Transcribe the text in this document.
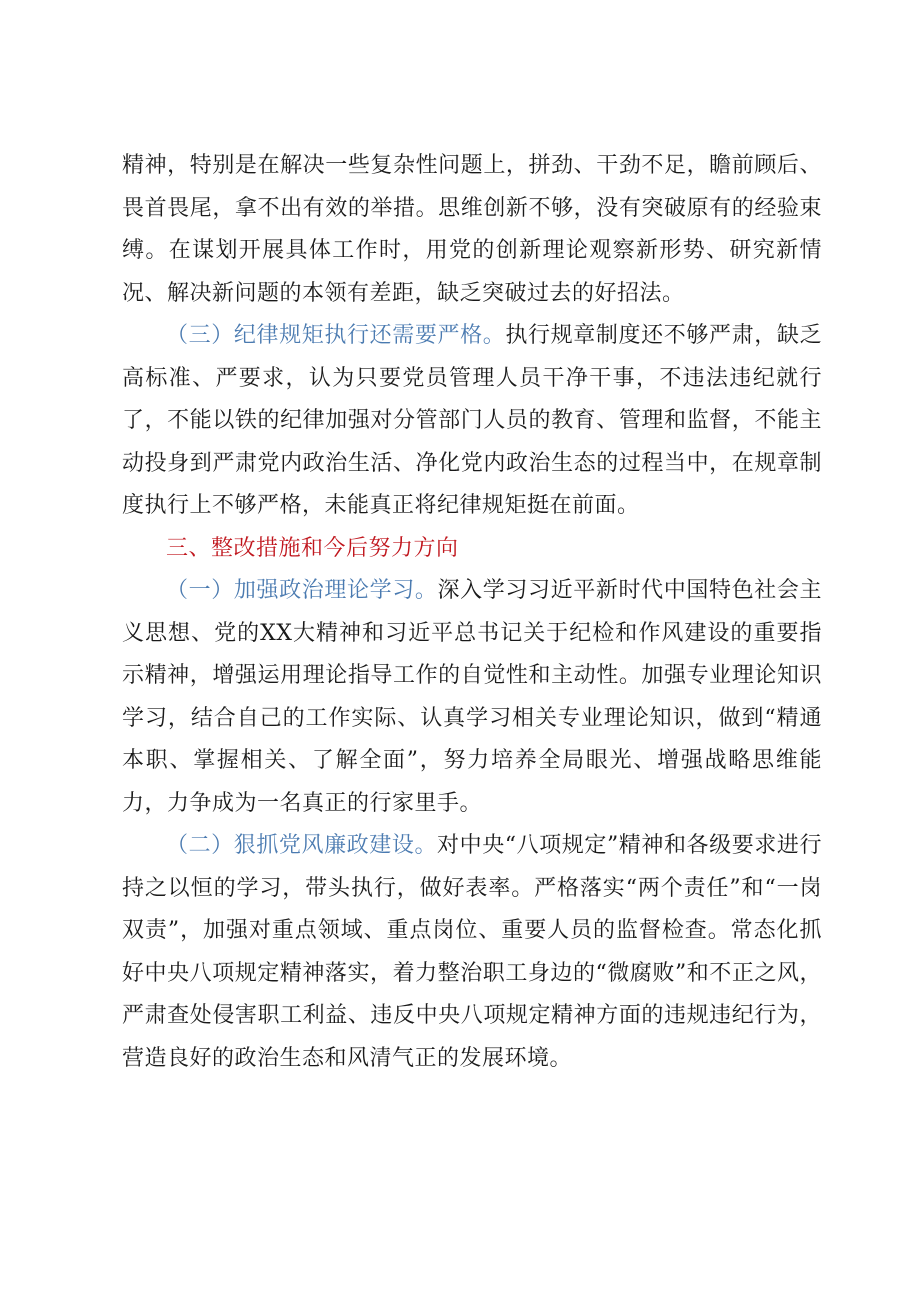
精神，特别是在解决一些复杂性问题上，拼劲、干劲不足，瞻前顾后、畏首畏尾，拿不出有效的举措。思维创新不够，没有突破原有的经验束缚。在谋划开展具体工作时，用党的创新理论观察新形势、研究新情况、解决新问题的本领有差距，缺乏突破过去的好招法。

（三）纪律规矩执行还需要严格。执行规章制度还不够严肃，缺乏高标准、严要求，认为只要党员管理人员干净干事，不违法违纪就行了，不能以铁的纪律加强对分管部门人员的教育、管理和监督，不能主动投身到严肃党内政治生活、净化党内政治生态的过程当中，在规章制度执行上不够严格，未能真正将纪律规矩挺在前面。

三、整改措施和今后努力方向

（一）加强政治理论学习。深入学习习近平新时代中国特色社会主义思想、党的XX大精神和习近平总书记关于纪检和作风建设的重要指示精神，增强运用理论指导工作的自觉性和主动性。加强专业理论知识学习，结合自己的工作实际、认真学习相关专业理论知识，做到“精通本职、掌握相关、了解全面”，努力培养全局眼光、增强战略思维能力，力争成为一名真正的行家里手。

（二）狠抓党风廉政建设。对中央“八项规定”精神和各级要求进行持之以恒的学习，带头执行，做好表率。严格落实“两个责任”和“一岗双责”，加强对重点领域、重点岗位、重要人员的监督检查。常态化抓好中央八项规定精神落实，着力整治职工身边的“微腐败”和不正之风，严肃查处侵害职工利益、违反中央八项规定精神方面的违规违纪行为，营造良好的政治生态和风清气正的发展环境。
